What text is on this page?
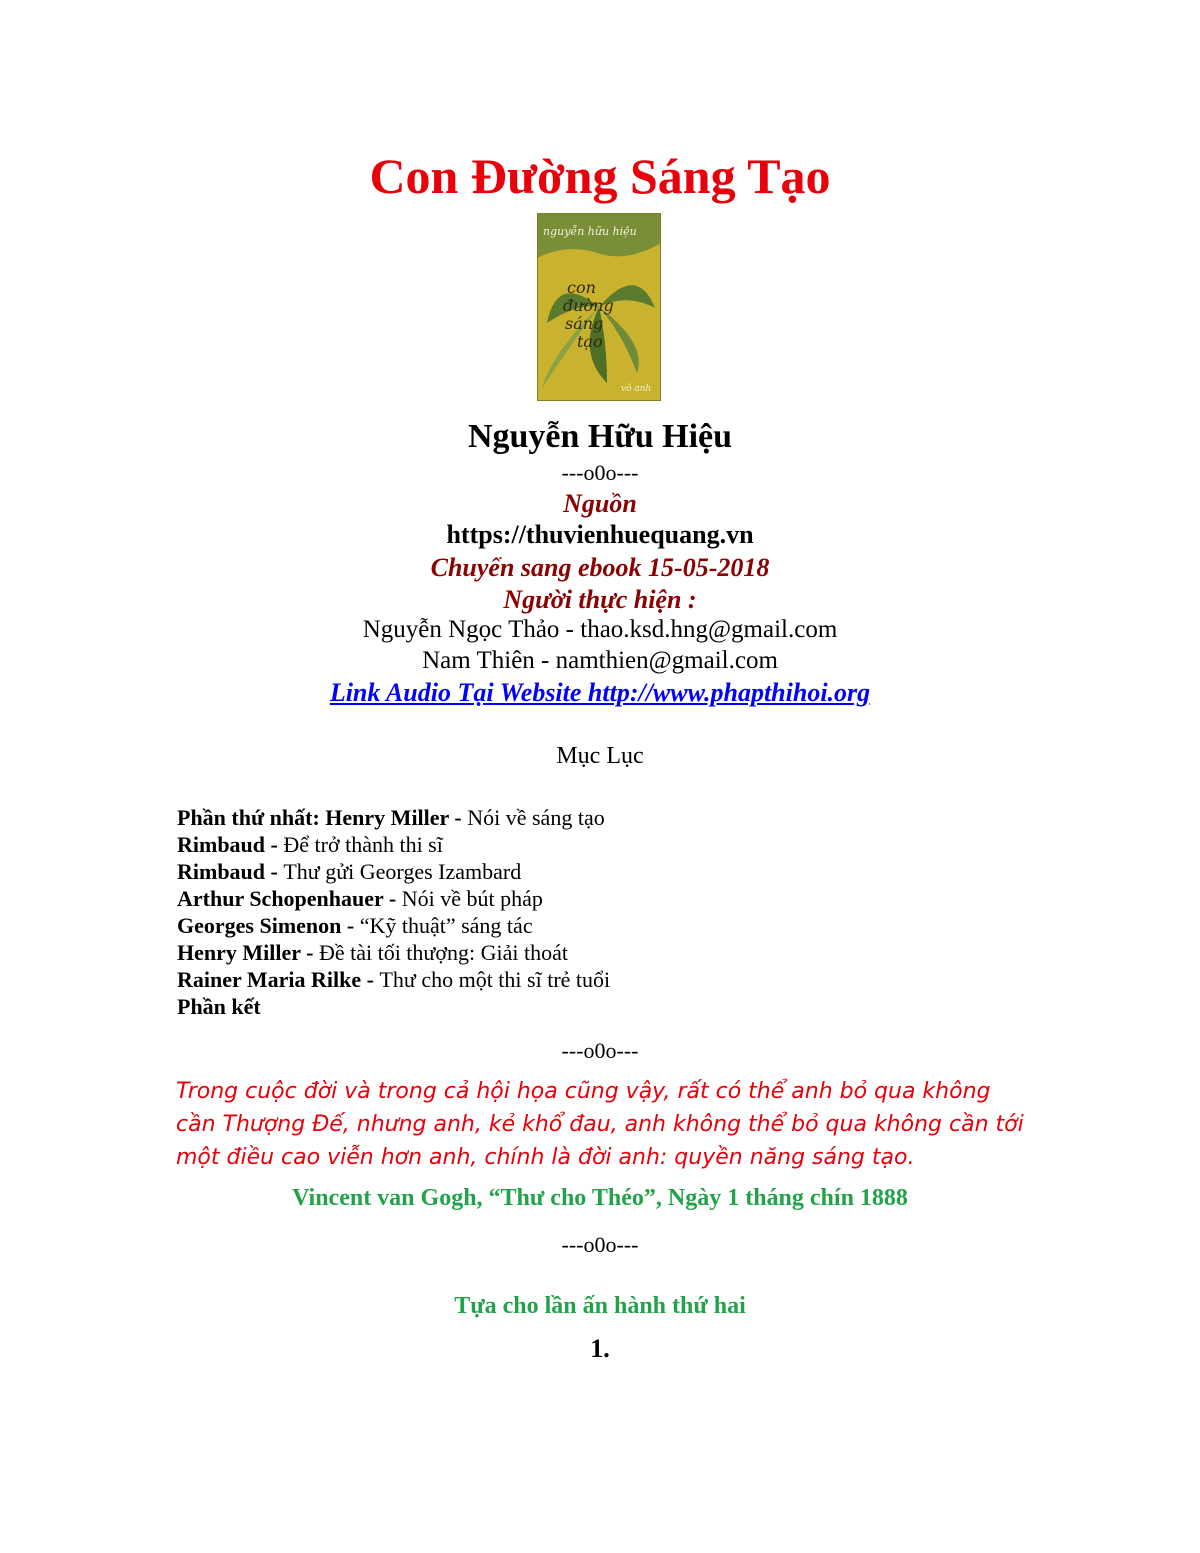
Con Đường Sáng Tạo
nguyễn hữu hiệu
con
đường
sáng
tạo
võ anh
Nguyễn Hữu Hiệu
---o0o---
Nguồn
https://thuvienhuequang.vn
Chuyển sang ebook 15-05-2018
Người thực hiện :
Nguyễn Ngọc Thảo - thao.ksd.hng@gmail.com
Nam Thiên - namthien@gmail.com
Link Audio Tại Website http://www.phapthihoi.org
Mục Lục
Phần thứ nhất: Henry Miller - Nói về sáng tạo
Rimbaud - Để trở thành thi sĩ
Rimbaud - Thư gửi Georges Izambard
Arthur Schopenhauer - Nói về bút pháp
Georges Simenon - “Kỹ thuật” sáng tác
Henry Miller - Đề tài tối thượng: Giải thoát
Rainer Maria Rilke - Thư cho một thi sĩ trẻ tuổi
Phần kết
---o0o---
Trong cuộc đời và trong cả hội họa cũng vậy, rất có thể anh bỏ qua không
cần Thượng Đế, nhưng anh, kẻ khổ đau, anh không thể bỏ qua không cần tới
một điều cao viễn hơn anh, chính là đời anh: quyền năng sáng tạo.
Vincent van Gogh, “Thư cho Théo”, Ngày 1 tháng chín 1888
---o0o---
Tựa cho lần ấn hành thứ hai
1.
